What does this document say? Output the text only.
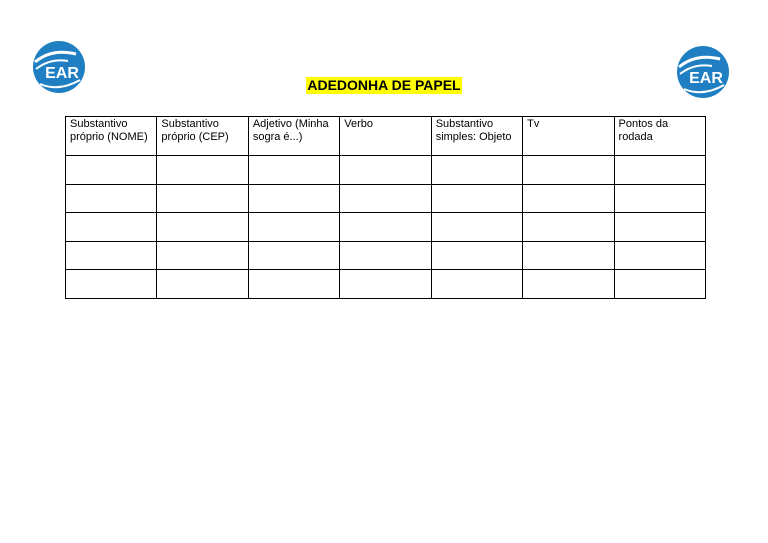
EAR	EAR
ADEDONHA DE PAPEL
Substantivo próprio (NOME)	Substantivo próprio (CEP)	Adjetivo (Minha sogra é...)	Verbo	Substantivo simples: Objeto	Tv	Pontos da rodada
